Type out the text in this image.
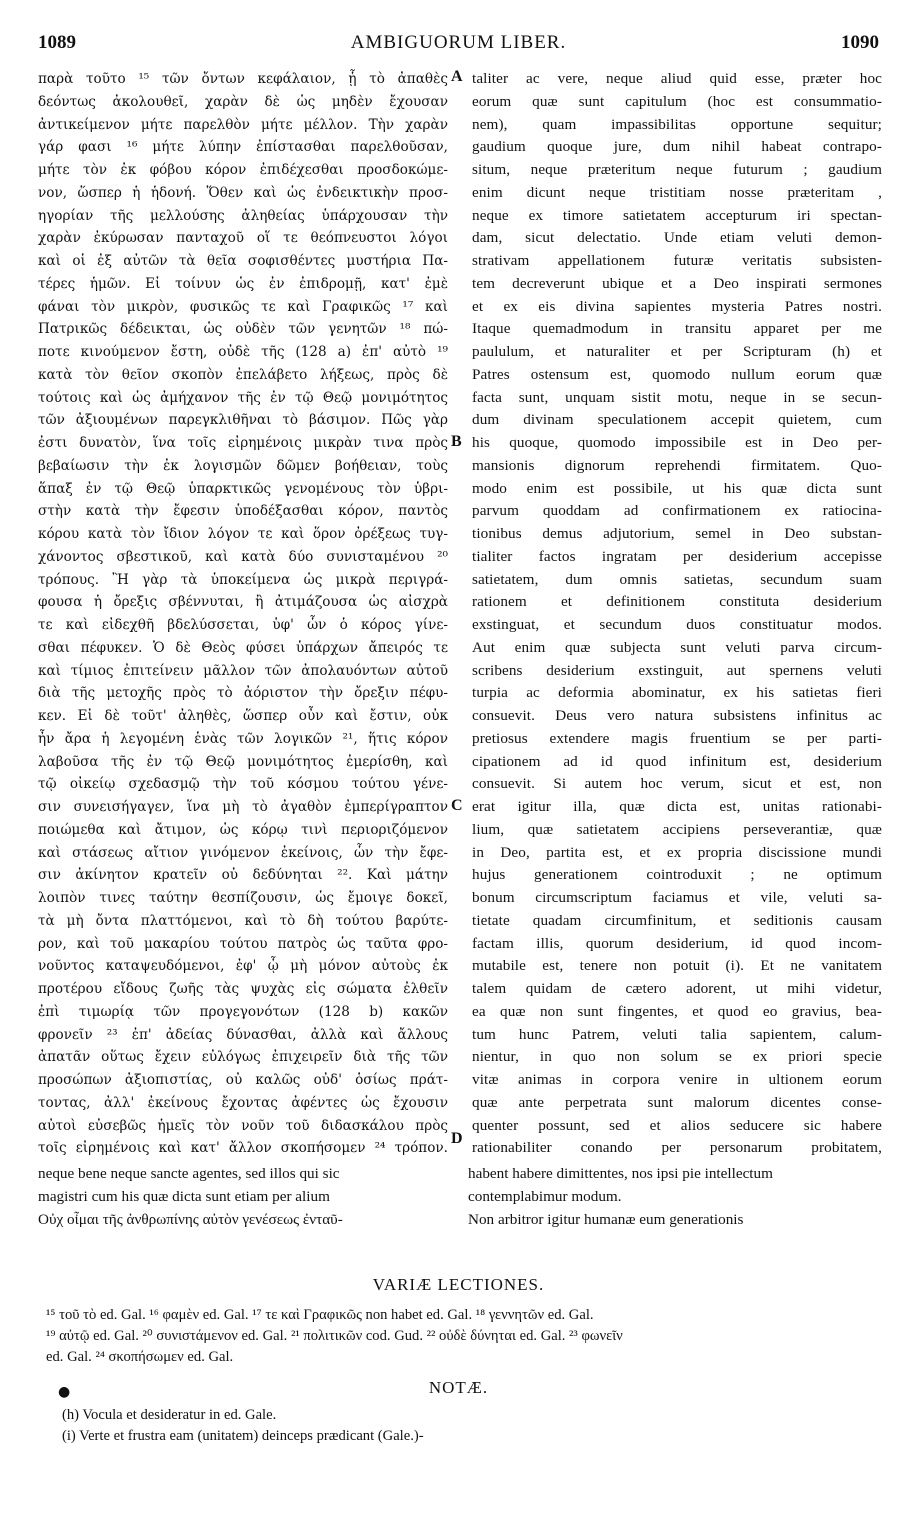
1089	AMBIGUORUM LIBER.	1090
παρὰ τοῦτο ¹⁵ τῶν ὄντων κεφάλαιον, ᾗ τὸ ἀπαθὲς
δεόντως ἀκολουθεῖ, χαρὰν δὲ ὡς μηδὲν ἔχουσαν
ἀντικείμενον μήτε παρελθὸν μήτε μέλλον. Τὴν χαρὰν
γάρ φασι ¹⁶ μήτε λύπην ἐπίστασθαι παρελθοῦσαν,
μήτε τὸν ἐκ φόβου κόρον ἐπιδέχεσθαι προσδοκώμε-
νον, ὥσπερ ἡ ἡδονή. Ὅθεν καὶ ὡς ἐνδεικτικὴν προσ-
ηγορίαν τῆς μελλούσης ἀληθείας ὑπάρχουσαν τὴν
χαρὰν ἐκύρωσαν πανταχοῦ οἵ τε θεόπνευστοι λόγοι
καὶ οἱ ἐξ αὐτῶν τὰ θεῖα σοφισθέντες μυστήρια Πα-
τέρες ἡμῶν. Εἰ τοίνυν ὡς ἐν ἐπιδρομῇ, κατ' ἐμὲ
φάναι τὸν μικρὸν, φυσικῶς τε καὶ Γραφικῶς ¹⁷ καὶ
Πατρικῶς δέδεικται, ὡς οὐδὲν τῶν γενητῶν ¹⁸ πώ-
ποτε κινούμενον ἔστη, οὐδὲ τῆς (128 a) ἐπ' αὐτὸ ¹⁹
κατὰ τὸν θεῖον σκοπὸν ἐπελάβετο λήξεως, πρὸς δὲ
τούτοις καὶ ὡς ἀμήχανον τῆς ἐν τῷ Θεῷ μονιμότητος
τῶν ἀξιουμένων παρεγκλιθῆναι τὸ βάσιμον. Πῶς γὰρ
ἐστι δυνατὸν, ἵνα τοῖς εἰρημένοις μικρὰν τινα πρὸς
βεβαίωσιν τὴν ἐκ λογισμῶν δῶμεν βοήθειαν, τοὺς
ἅπαξ ἐν τῷ Θεῷ ὑπαρκτικῶς γενομένους τὸν ὑβρι-
στὴν κατὰ τὴν ἔφεσιν ὑποδέξασθαι κόρον, παντὸς
κόρου κατὰ τὸν ἴδιον λόγον τε καὶ ὅρον ὀρέξεως τυγ-
χάνοντος σβεστικοῦ, καὶ κατὰ δύο συνισταμένου ²⁰
τρόπους. Ἢ γὰρ τὰ ὑποκείμενα ὡς μικρὰ περιγρά-
φουσα ἡ ὄρεξις σβέννυται, ἢ ἀτιμάζουσα ὡς αἰσχρὰ
τε καὶ εἰδεχθῆ βδελύσσεται, ὑφ' ὧν ὁ κόρος γίνε-
σθαι πέφυκεν. Ὁ δὲ Θεὸς φύσει ὑπάρχων ἄπειρός τε
καὶ τίμιος ἐπιτείνειν μᾶλλον τῶν ἀπολαυόντων αὐτοῦ
διὰ τῆς μετοχῆς πρὸς τὸ ἀόριστον τὴν ὄρεξιν πέφυ-
κεν. Εἰ δὲ τοῦτ' ἀληθὲς, ὥσπερ οὖν καὶ ἔστιν, οὐκ
ἦν ἄρα ἡ λεγομένη ἑνὰς τῶν λογικῶν ²¹, ἥτις κόρον
λαβοῦσα τῆς ἐν τῷ Θεῷ μονιμότητος ἐμερίσθη, καὶ
τῷ οἰκείῳ σχεδασμῷ τὴν τοῦ κόσμου τούτου γένε-
σιν συνεισήγαγεν, ἵνα μὴ τὸ ἀγαθὸν ἐμπερίγραπτον
ποιώμεθα καὶ ἄτιμον, ὡς κόρῳ τινὶ περιοριζόμενον
καὶ στάσεως αἴτιον γινόμενον ἐκείνοις, ὧν τὴν ἔφε-
σιν ἀκίνητον κρατεῖν οὐ δεδύνηται ²². Καὶ μάτην
λοιπὸν τινες ταύτην θεσπίζουσιν, ὡς ἔμοιγε δοκεῖ,
τὰ μὴ ὄντα πλαττόμενοι, καὶ τὸ δὴ τούτου βαρύτε-
ρον, καὶ τοῦ μακαρίου τούτου πατρὸς ὡς ταῦτα φρο-
νοῦντος καταψευδόμενοι, ἐφ' ᾧ μὴ μόνον αὐτοὺς ἐκ
προτέρου εἴδους ζωῆς τὰς ψυχὰς εἰς σώματα ἐλθεῖν
ἐπὶ τιμωρίᾳ τῶν προγεγονότων (128 b) κακῶν
φρονεῖν ²³ ἐπ' ἀδείας δύνασθαι, ἀλλὰ καὶ ἄλλους
ἀπατᾶν οὕτως ἔχειν εὐλόγως ἐπιχειρεῖν διὰ τῆς τῶν
προσώπων ἀξιοπιστίας, οὐ καλῶς οὐδ' ὁσίως πράτ-
τοντας, ἀλλ' ἐκείνους ἔχοντας ἀφέντες ὡς ἔχουσιν
αὐτοὶ εὐσεβῶς ἡμεῖς τὸν νοῦν τοῦ διδασκάλου πρὸς
τοῖς εἰρημένοις καὶ κατ' ἄλλον σκοπήσομεν ²⁴ τρόπον.
taliter ac vere, neque aliud quid esse, præter hoc
eorum quæ sunt capitulum (hoc est consummatio-
nem), quam impassibilitas opportune sequitur;
gaudium quoque jure, dum nihil habeat contrapo-
situm, neque præteritum neque futurum ; gaudium
enim dicunt neque tristitiam nosse præteritam ,
neque ex timore satietatem accepturum iri spectan-
dam, sicut delectatio. Unde etiam veluti demon-
strativam appellationem futuræ veritatis subsisten-
tem decreverunt ubique et a Deo inspirati sermones
et ex eis divina sapientes mysteria Patres nostri.
Itaque quemadmodum in transitu apparet per me
paululum, et naturaliter et per Scripturam (h) et
Patres ostensum est, quomodo nullum eorum quæ
facta sunt, unquam sistit motu, neque in se secun-
dum divinam speculationem accepit quietem, cum
his quoque, quomodo impossibile est in Deo per-
mansionis dignorum reprehendi firmitatem. Quo-
modo enim est possibile, ut his quæ dicta sunt
parvum quoddam ad confirmationem ex ratiocina-
tionibus demus adjutorium, semel in Deo substan-
tialiter factos ingratam per desiderium accepisse
satietatem, dum omnis satietas, secundum suam
rationem et definitionem constituta desiderium
exstinguat, et secundum duos constituatur modos.
Aut enim quæ subjecta sunt veluti parva circum-
scribens desiderium exstinguit, aut spernens veluti
turpia ac deformia abominatur, ex his satietas fieri
consuevit. Deus vero natura subsistens infinitus ac
pretiosus extendere magis fruentium se per parti-
cipationem ad id quod infinitum est, desiderium
consuevit. Si autem hoc verum, sicut et est, non
erat igitur illa, quæ dicta est, unitas rationabi-
lium, quæ satietatem accipiens perseverantiæ, quæ
in Deo, partita est, et ex propria discissione mundi
hujus generationem cointroduxit ; ne optimum
bonum circumscriptum faciamus et vile, veluti sa-
tietate quadam circumfinitum, et seditionis causam
factam illis, quorum desiderium, id quod incom-
mutabile est, tenere non potuit (i). Et ne vanitatem
talem quidam de cætero adorent, ut mihi videtur,
ea quæ non sunt fingentes, et quod eo gravius, bea-
tum hunc Patrem, veluti talia sapientem, calum-
nientur, in quo non solum se ex priori specie
vitæ animas in corpora venire in ultionem eorum
quæ ante perpetrata sunt malorum dicentes conse-
quenter possunt, sed et alios seducere sic habere
rationabiliter conando per personarum probitatem,
A
B
C
D
neque bene neque sancte agentes, sed illos qui sic	habent habere dimittentes, nos ipsi pie intellectum
magistri cum his quæ dicta sunt etiam per alium	contemplabimur modum.
Οὐχ οἶμαι τῆς ἀνθρωπίνης αὐτὸν γενέσεως ἐνταῦ-	Non arbitror igitur humanæ eum generationis
VARIÆ LECTIONES.
¹⁵ τοῦ τὸ ed. Gal. ¹⁶ φαμὲν ed. Gal. ¹⁷ τε καὶ Γραφικῶς non habet ed. Gal. ¹⁸ γεννητῶν ed. Gal.
¹⁹ αὐτῷ ed. Gal. ²⁰ συνιστάμενον ed. Gal. ²¹ πολιτικῶν cod. Gud. ²² οὐδὲ δύνηται ed. Gal. ²³ φωνεῖν
ed. Gal. ²⁴ σκοπήσωμεν ed. Gal.
NOTÆ.
●
(h) Vocula et desideratur in ed. Gale.
(i) Verte et frustra eam (unitatem) deinceps prædicant (Gale.)-
